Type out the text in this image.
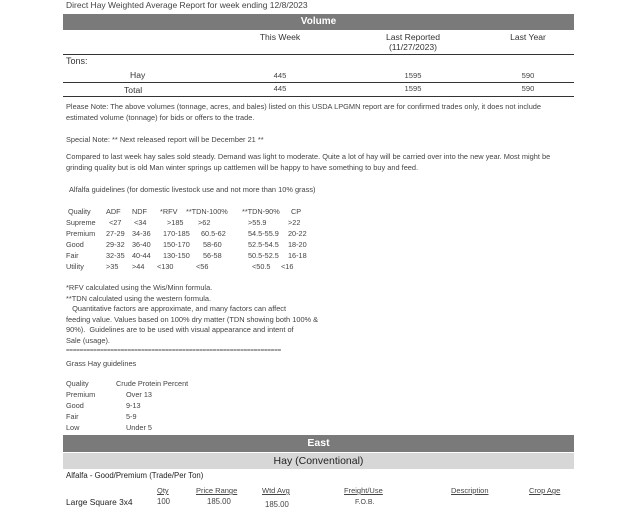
Direct Hay Weighted Average Report for week ending 12/8/2023
Volume
This Week	Last Reported
(11/27/2023)
Last Year
Tons:
Hay	445	1595	590
Total	445	1595	590
Please Note: The above volumes (tonnage, acres, and bales) listed on this USDA LPGMN report are for confirmed trades only, it does not include estimated volume (tonnage) for bids or offers to the trade.
Special Note: ** Next released report will be December 21 **
Compared to last week hay sales sold steady. Demand was light to moderate. Quite a lot of hay will be carried over into the new year. Most might be grinding quality but is old Man winter springs up cattlemen will be happy to have something to buy and feed.
Alfalfa guidelines (for domestic livestock use and not more than 10% grass)
Quality ADF NDF *RFV **TDN-100% **TDN-90% CP
Supreme <27 <34	>185 >62	>55.9	>22
Premium 27-29 34-36 170-185 60.5-62	54.5-55.9 20-22
Good	29-32 36-40 150-170 58-60	52.5-54.5 18-20
Fair	32-35 40-44 130-150 56-58	50.5-52.5 16-18
Utility	>35 >44 <130	<56	<50.5 <16
*RFV calculated using the Wis/Minn formula.
**TDN calculated using the western formula.
Quantitative factors are approximate, and many factors can affect
feeding value. Values based on 100% dry matter (TDN showing both 100% &
90%).  Guidelines are to be used with visual appearance and intent of
Sale (usage).
===============================================================
Grass Hay guidelines
Quality	Crude Protein Percent
Premium	Over 13
Good	9-13
Fair	5-9
Low	Under 5
East
Hay (Conventional)
Alfalfa - Good/Premium (Trade/Per Ton)
Qty	Price Range	Wtd Avg	Freight/Use	Description	Crop Age
Large Square 3x4	100	185.00	185.00	F.O.B.
